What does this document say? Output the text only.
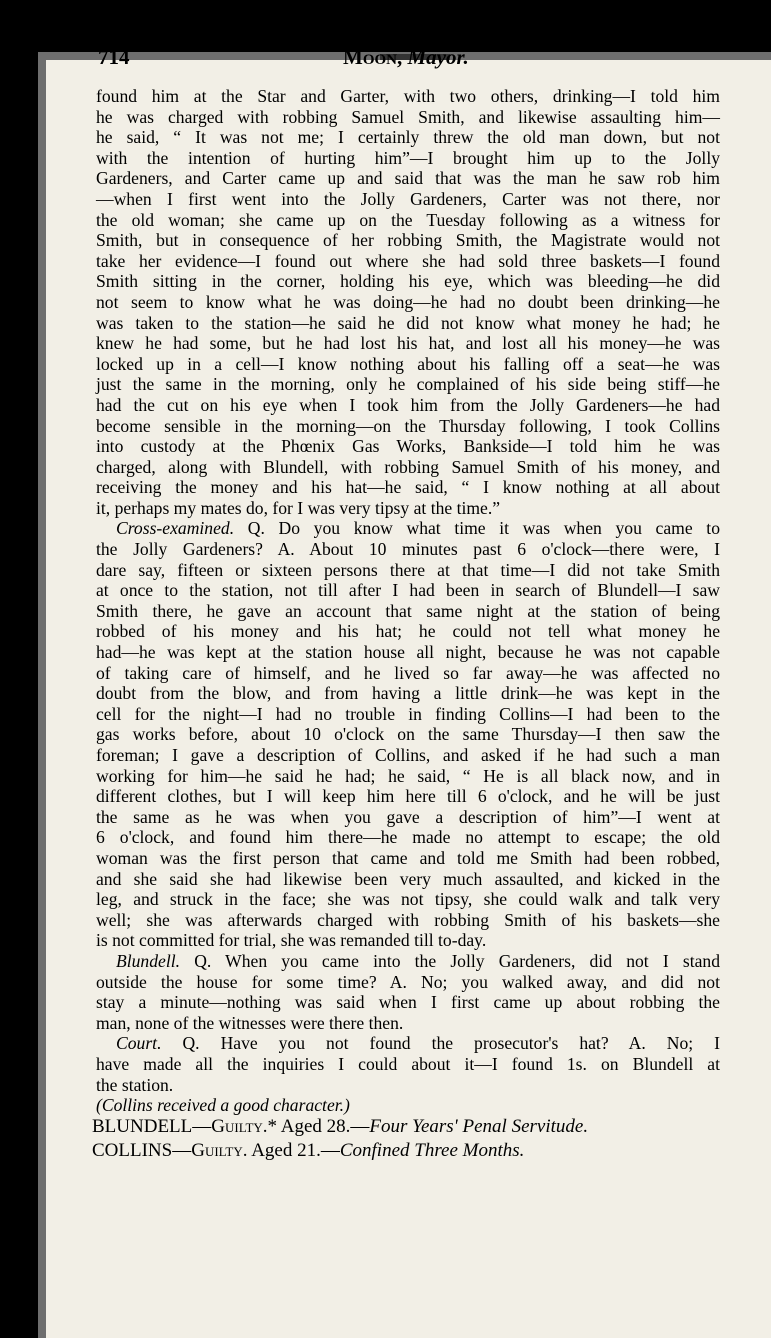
714	Moon, Mayor.
found him at the Star and Garter, with two others, drinking—I told him
he was charged with robbing Samuel Smith, and likewise assaulting him—
he said, “ It was not me; I certainly threw the old man down, but not
with the intention of hurting him”—I brought him up to the Jolly
Gardeners, and Carter came up and said that was the man he saw rob him
—when I first went into the Jolly Gardeners, Carter was not there, nor
the old woman; she came up on the Tuesday following as a witness for
Smith, but in consequence of her robbing Smith, the Magistrate would not
take her evidence—I found out where she had sold three baskets—I found
Smith sitting in the corner, holding his eye, which was bleeding—he did
not seem to know what he was doing—he had no doubt been drinking—he
was taken to the station—he said he did not know what money he had; he
knew he had some, but he had lost his hat, and lost all his money—he was
locked up in a cell—I know nothing about his falling off a seat—he was
just the same in the morning, only he complained of his side being stiff—he
had the cut on his eye when I took him from the Jolly Gardeners—he had
become sensible in the morning—on the Thursday following, I took Collins
into custody at the Phœnix Gas Works, Bankside—I told him he was
charged, along with Blundell, with robbing Samuel Smith of his money, and
receiving the money and his hat—he said, “ I know nothing at all about
it, perhaps my mates do, for I was very tipsy at the time.”
Cross-examined. Q. Do you know what time it was when you came to
the Jolly Gardeners? A. About 10 minutes past 6 o'clock—there were, I
dare say, fifteen or sixteen persons there at that time—I did not take Smith
at once to the station, not till after I had been in search of Blundell—I saw
Smith there, he gave an account that same night at the station of being
robbed of his money and his hat; he could not tell what money he
had—he was kept at the station house all night, because he was not capable
of taking care of himself, and he lived so far away—he was affected no
doubt from the blow, and from having a little drink—he was kept in the
cell for the night—I had no trouble in finding Collins—I had been to the
gas works before, about 10 o'clock on the same Thursday—I then saw the
foreman; I gave a description of Collins, and asked if he had such a man
working for him—he said he had; he said, “ He is all black now, and in
different clothes, but I will keep him here till 6 o'clock, and he will be just
the same as he was when you gave a description of him”—I went at
6 o'clock, and found him there—he made no attempt to escape; the old
woman was the first person that came and told me Smith had been robbed,
and she said she had likewise been very much assaulted, and kicked in the
leg, and struck in the face; she was not tipsy, she could walk and talk very
well; she was afterwards charged with robbing Smith of his baskets—she
is not committed for trial, she was remanded till to-day.
Blundell. Q. When you came into the Jolly Gardeners, did not I stand
outside the house for some time? A. No; you walked away, and did not
stay a minute—nothing was said when I first came up about robbing the
man, none of the witnesses were there then.
Court. Q. Have you not found the prosecutor's hat? A. No; I
have made all the inquiries I could about it—I found 1s. on Blundell at
the station.
(Collins received a good character.)
BLUNDELL—Guilty.* Aged 28.—Four Years' Penal Servitude.
COLLINS—Guilty. Aged 21.—Confined Three Months.
